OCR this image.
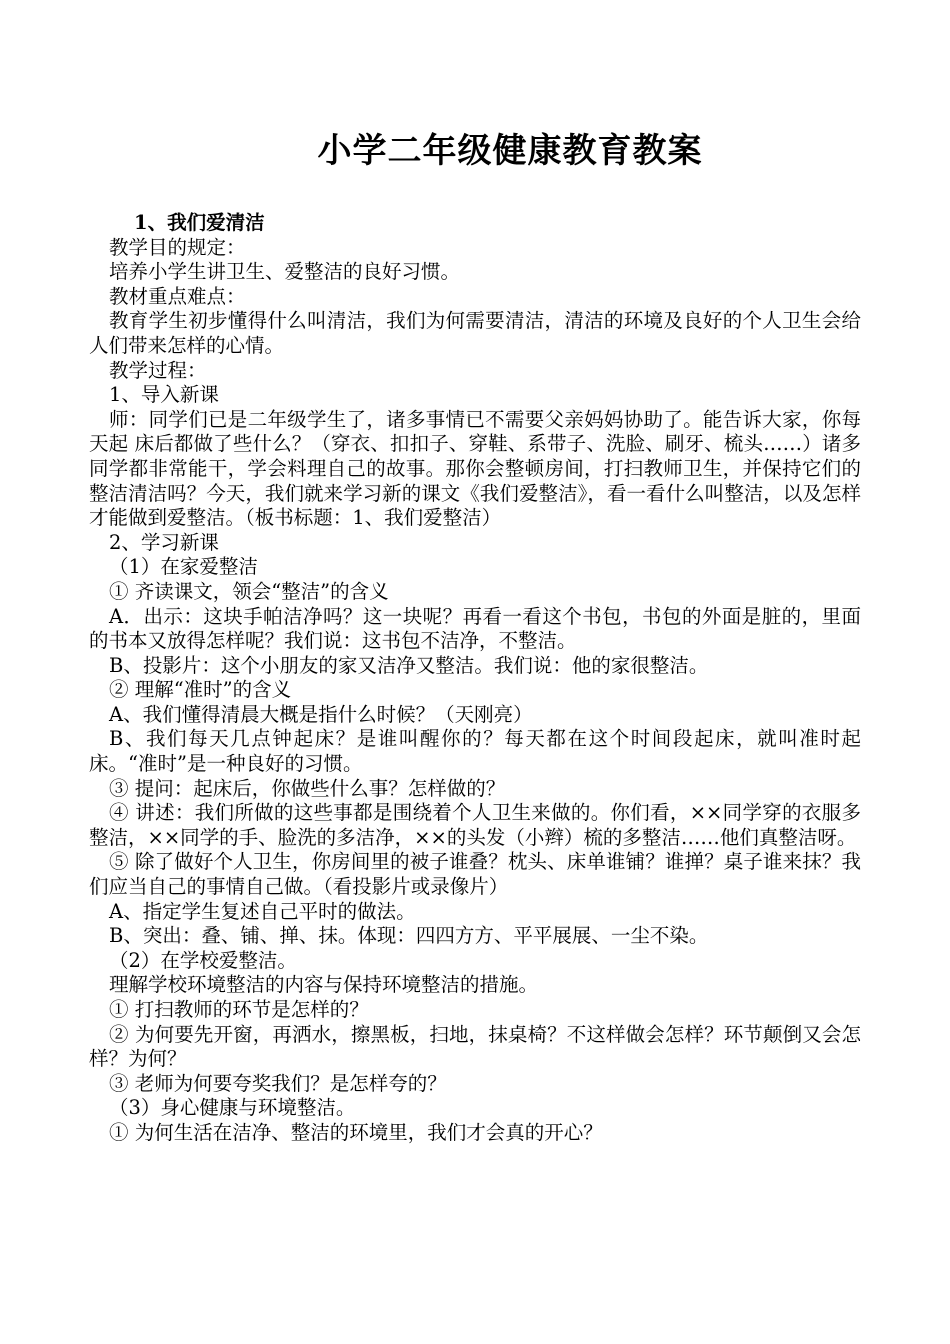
小学二年级健康教育教案

1、我们爱清洁

教学目的规定：

培养小学生讲卫生、爱整洁的良好习惯。

教材重点难点：

教育学生初步懂得什么叫清洁，我们为何需要清洁，清洁的环境及良好的个人卫生会给人们带来怎样的心情。

教学过程：

1、导入新课

师：同学们已是二年级学生了，诸多事情已不需要父亲妈妈协助了。能告诉大家，你每天起 床后都做了些什么？（穿衣、扣扣子、穿鞋、系带子、洗脸、刷牙、梳头……）诸多同学都非常能干，学会料理自己的故事。那你会整顿房间，打扫教师卫生，并保持它们的整洁清洁吗？今天，我们就来学习新的课文《我们爱整洁》，看一看什么叫整洁，以及怎样才能做到爱整洁。（板书标题：1、我们爱整洁）

2、学习新课

（1）在家爱整洁

① 齐读课文，领会“整洁”的含义

A．出示：这块手帕洁净吗？这一块呢？再看一看这个书包，书包的外面是脏的，里面的书本又放得怎样呢？我们说：这书包不洁净，不整洁。

B、投影片：这个小朋友的家又洁净又整洁。我们说：他的家很整洁。

② 理解“准时”的含义

A、我们懂得清晨大概是指什么时候？（天刚亮）

B、我们每天几点钟起床？是谁叫醒你的？每天都在这个时间段起床，就叫准时起床。“准时”是一种良好的习惯。

③ 提问：起床后，你做些什么事？怎样做的？

④ 讲述：我们所做的这些事都是围绕着个人卫生来做的。你们看，××同学穿的衣服多整洁，××同学的手、脸洗的多洁净，××的头发（小辫）梳的多整洁……他们真整洁呀。

⑤ 除了做好个人卫生，你房间里的被子谁叠？枕头、床单谁铺？谁掸？桌子谁来抹？我们应当自己的事情自己做。（看投影片或录像片）

A、指定学生复述自己平时的做法。

B、突出：叠、铺、掸、抹。体现：四四方方、平平展展、一尘不染。

（2）在学校爱整洁。

理解学校环境整洁的内容与保持环境整洁的措施。

① 打扫教师的环节是怎样的？

② 为何要先开窗，再洒水，擦黑板，扫地，抹桌椅？不这样做会怎样？环节颠倒又会怎样？为何？

③ 老师为何要夸奖我们？是怎样夸的？

（3）身心健康与环境整洁。

① 为何生活在洁净、整洁的环境里，我们才会真的开心？
